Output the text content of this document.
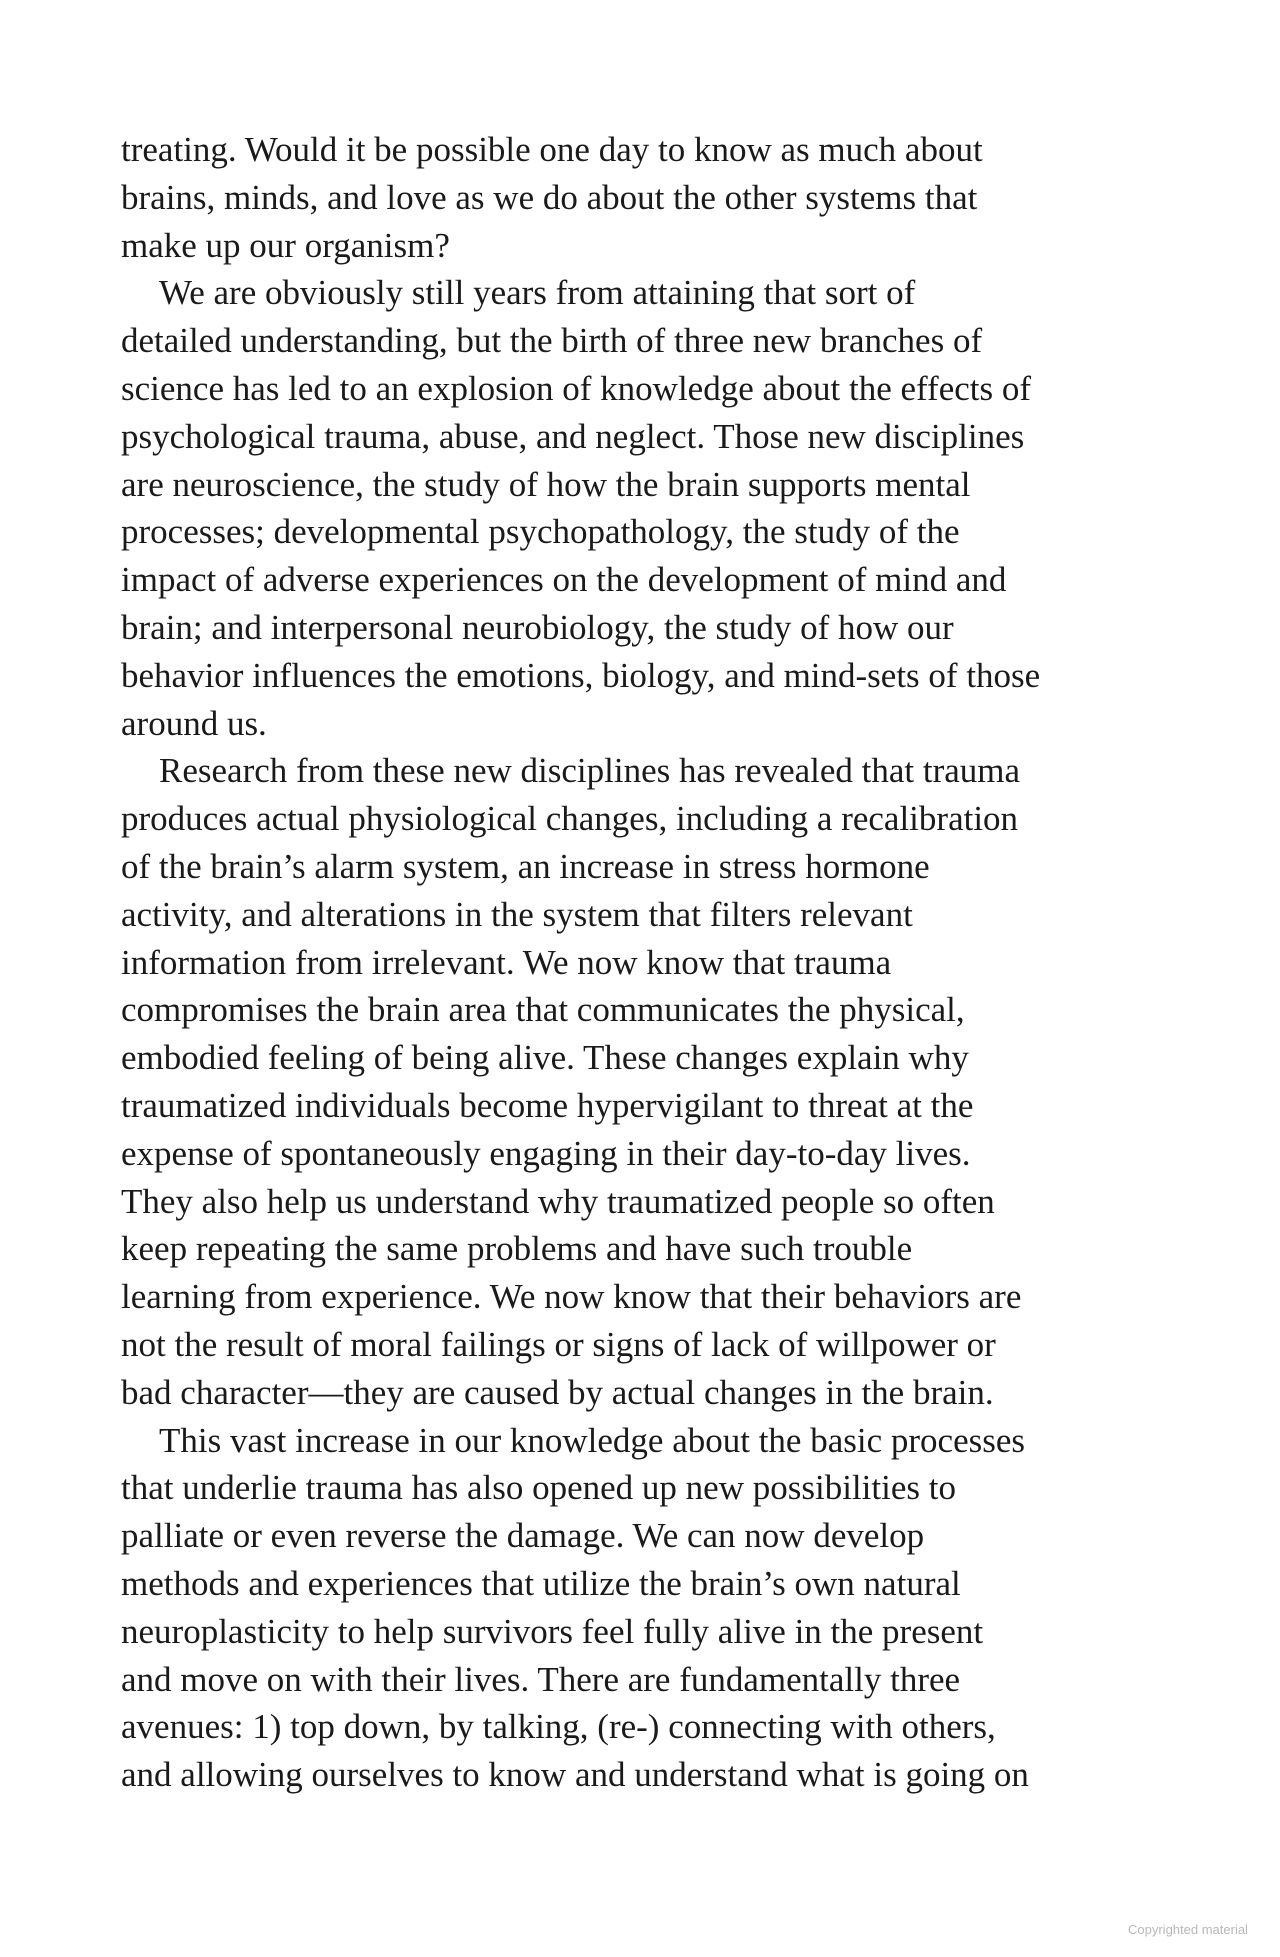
treating. Would it be possible one day to know as much about
brains, minds, and love as we do about the other systems that
make up our organism?
We are obviously still years from attaining that sort of
detailed understanding, but the birth of three new branches of
science has led to an explosion of knowledge about the effects of
psychological trauma, abuse, and neglect. Those new disciplines
are neuroscience, the study of how the brain supports mental
processes; developmental psychopathology, the study of the
impact of adverse experiences on the development of mind and
brain; and interpersonal neurobiology, the study of how our
behavior influences the emotions, biology, and mind-sets of those
around us.
Research from these new disciplines has revealed that trauma
produces actual physiological changes, including a recalibration
of the brain’s alarm system, an increase in stress hormone
activity, and alterations in the system that filters relevant
information from irrelevant. We now know that trauma
compromises the brain area that communicates the physical,
embodied feeling of being alive. These changes explain why
traumatized individuals become hypervigilant to threat at the
expense of spontaneously engaging in their day-to-day lives.
They also help us understand why traumatized people so often
keep repeating the same problems and have such trouble
learning from experience. We now know that their behaviors are
not the result of moral failings or signs of lack of willpower or
bad character—they are caused by actual changes in the brain.
This vast increase in our knowledge about the basic processes
that underlie trauma has also opened up new possibilities to
palliate or even reverse the damage. We can now develop
methods and experiences that utilize the brain’s own natural
neuroplasticity to help survivors feel fully alive in the present
and move on with their lives. There are fundamentally three
avenues: 1) top down, by talking, (re-) connecting with others,
and allowing ourselves to know and understand what is going on
Copyrighted material
